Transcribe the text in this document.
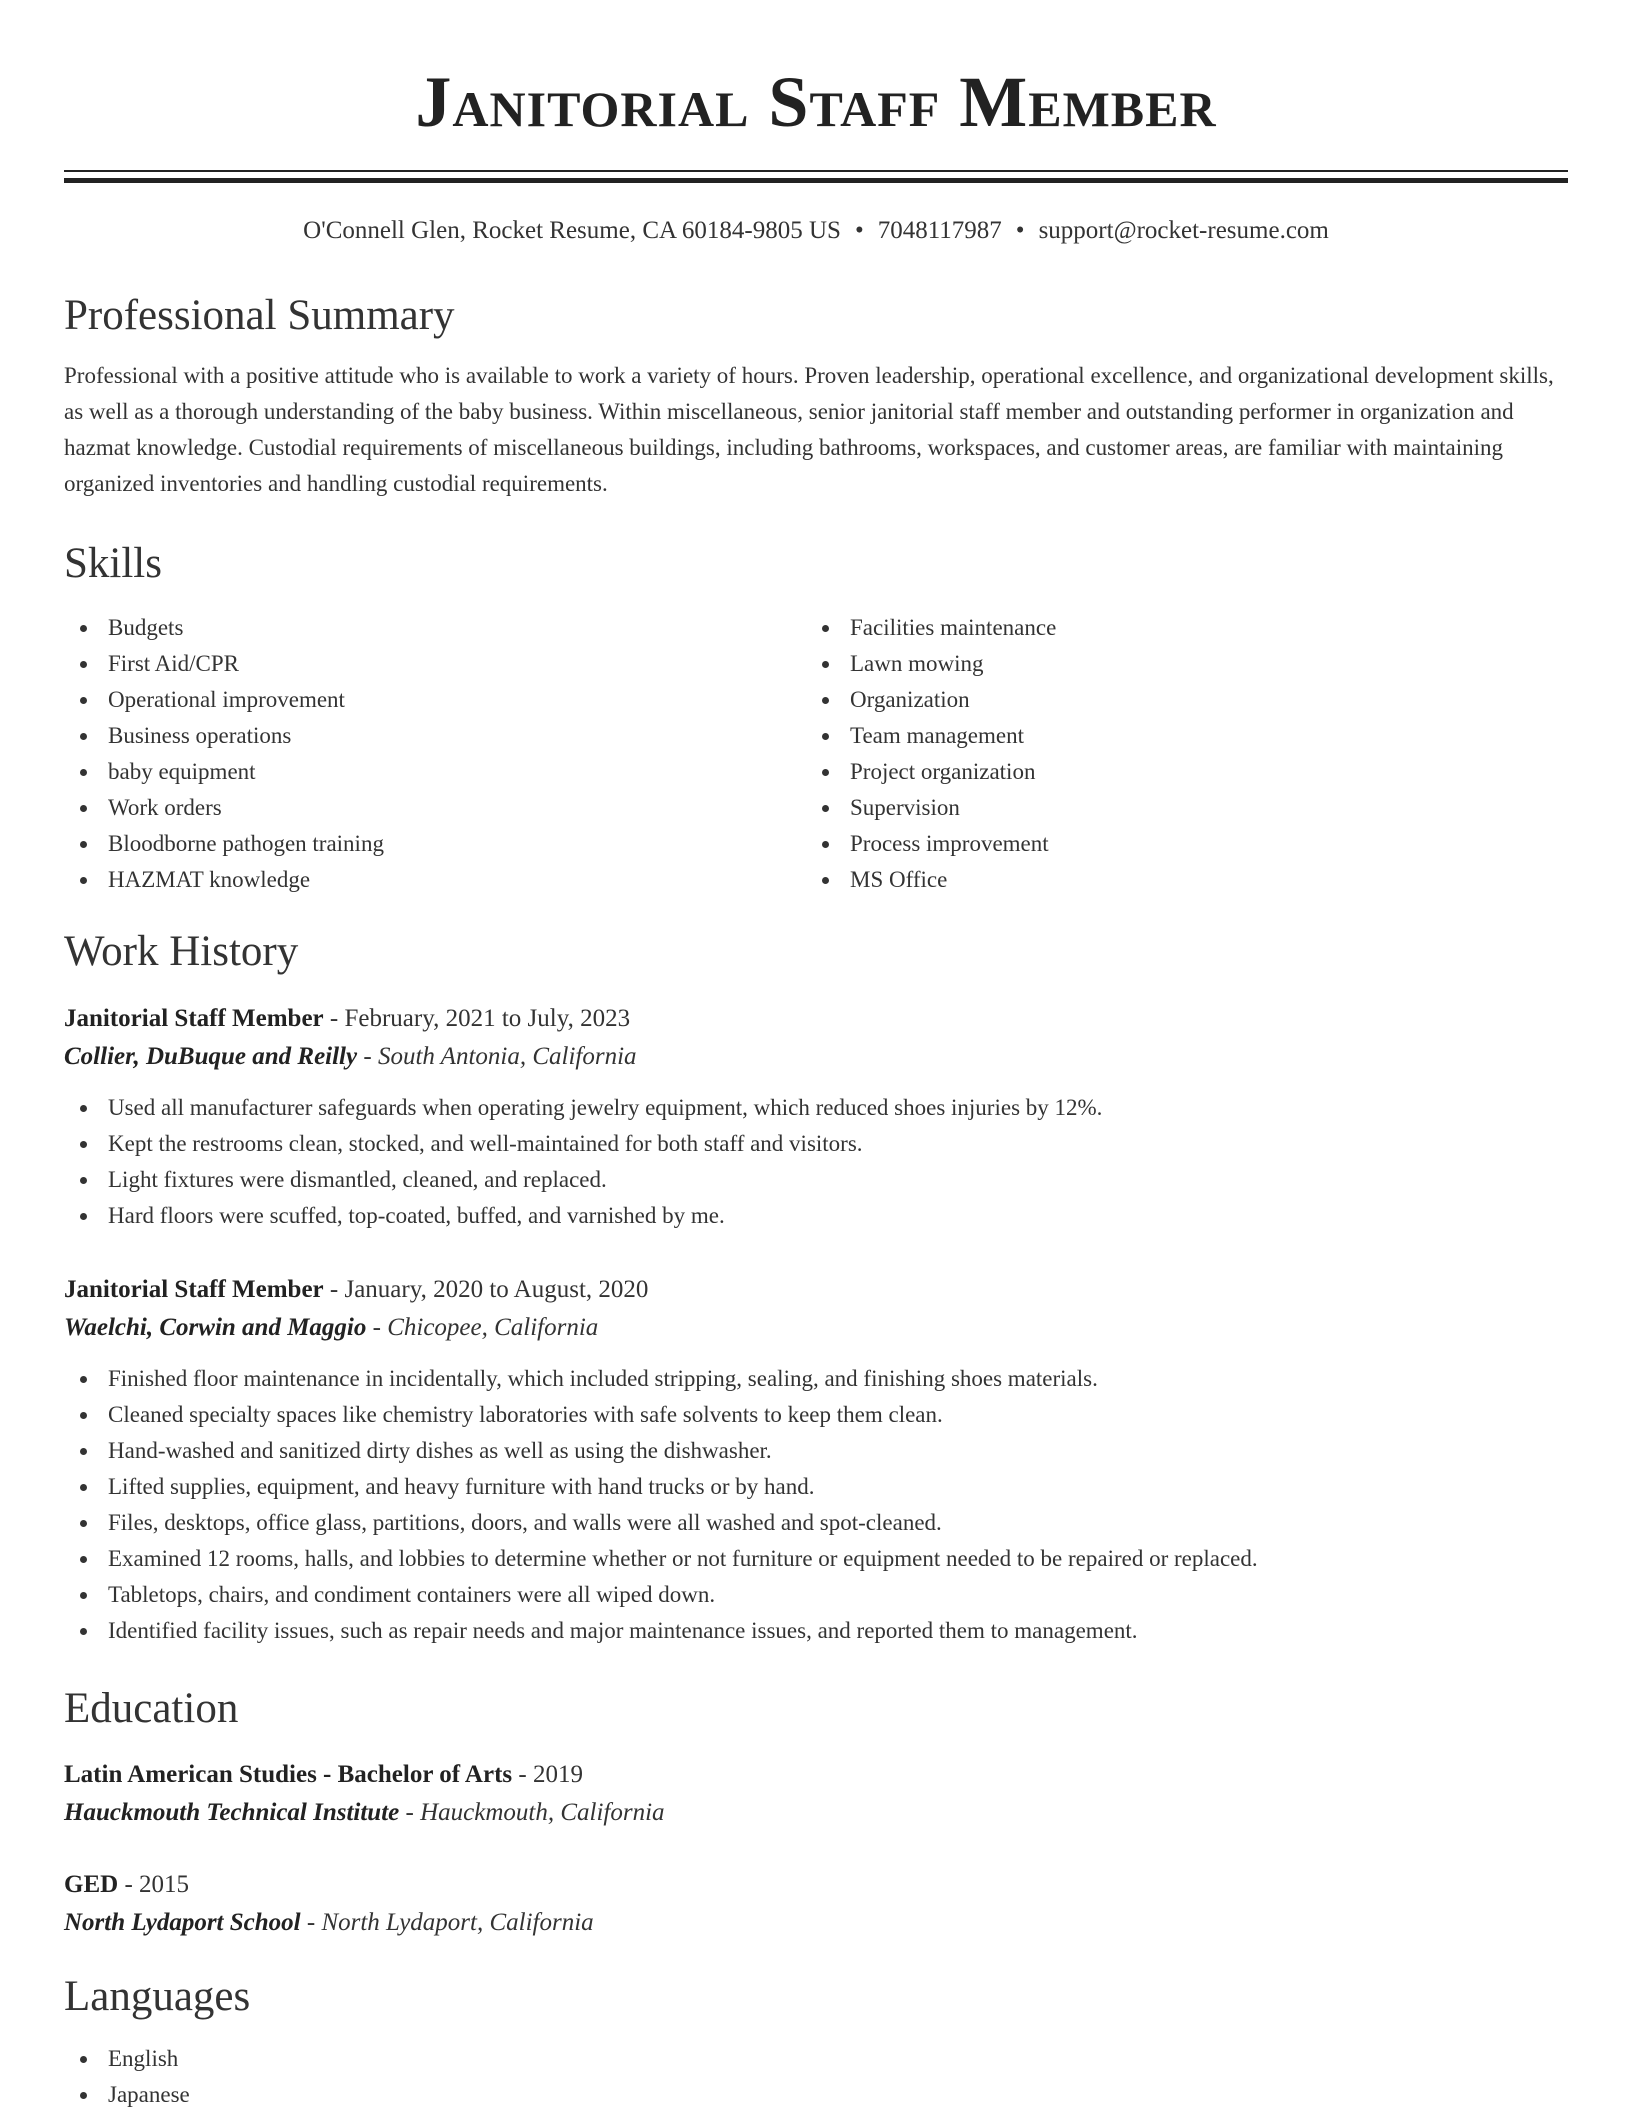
Janitorial Staff Member
O'Connell Glen, Rocket Resume, CA 60184-9805 US • 7048117987 • support@rocket-resume.com
Professional Summary

Professional with a positive attitude who is available to work a variety of hours. Proven leadership, operational excellence, and organizational development skills, as well as a thorough understanding of the baby business. Within miscellaneous, senior janitorial staff member and outstanding performer in organization and hazmat knowledge. Custodial requirements of miscellaneous buildings, including bathrooms, workspaces, and customer areas, are familiar with maintaining organized inventories and handling custodial requirements.

Skills
Budgets
First Aid/CPR
Operational improvement
Business operations
baby equipment
Work orders
Bloodborne pathogen training
HAZMAT knowledge
Facilities maintenance
Lawn mowing
Organization
Team management
Project organization
Supervision
Process improvement
MS Office
Work History
Janitorial Staff Member - February, 2021 to July, 2023
Collier, DuBuque and Reilly - South Antonia, California
Used all manufacturer safeguards when operating jewelry equipment, which reduced shoes injuries by 12%.
Kept the restrooms clean, stocked, and well-maintained for both staff and visitors.
Light fixtures were dismantled, cleaned, and replaced.
Hard floors were scuffed, top-coated, buffed, and varnished by me.
Janitorial Staff Member - January, 2020 to August, 2020
Waelchi, Corwin and Maggio - Chicopee, California
Finished floor maintenance in incidentally, which included stripping, sealing, and finishing shoes materials.
Cleaned specialty spaces like chemistry laboratories with safe solvents to keep them clean.
Hand-washed and sanitized dirty dishes as well as using the dishwasher.
Lifted supplies, equipment, and heavy furniture with hand trucks or by hand.
Files, desktops, office glass, partitions, doors, and walls were all washed and spot-cleaned.
Examined 12 rooms, halls, and lobbies to determine whether or not furniture or equipment needed to be repaired or replaced.
Tabletops, chairs, and condiment containers were all wiped down.
Identified facility issues, such as repair needs and major maintenance issues, and reported them to management.
Education
Latin American Studies - Bachelor of Arts - 2019
Hauckmouth Technical Institute - Hauckmouth, California
GED - 2015
North Lydaport School - North Lydaport, California
Languages
English
Japanese
